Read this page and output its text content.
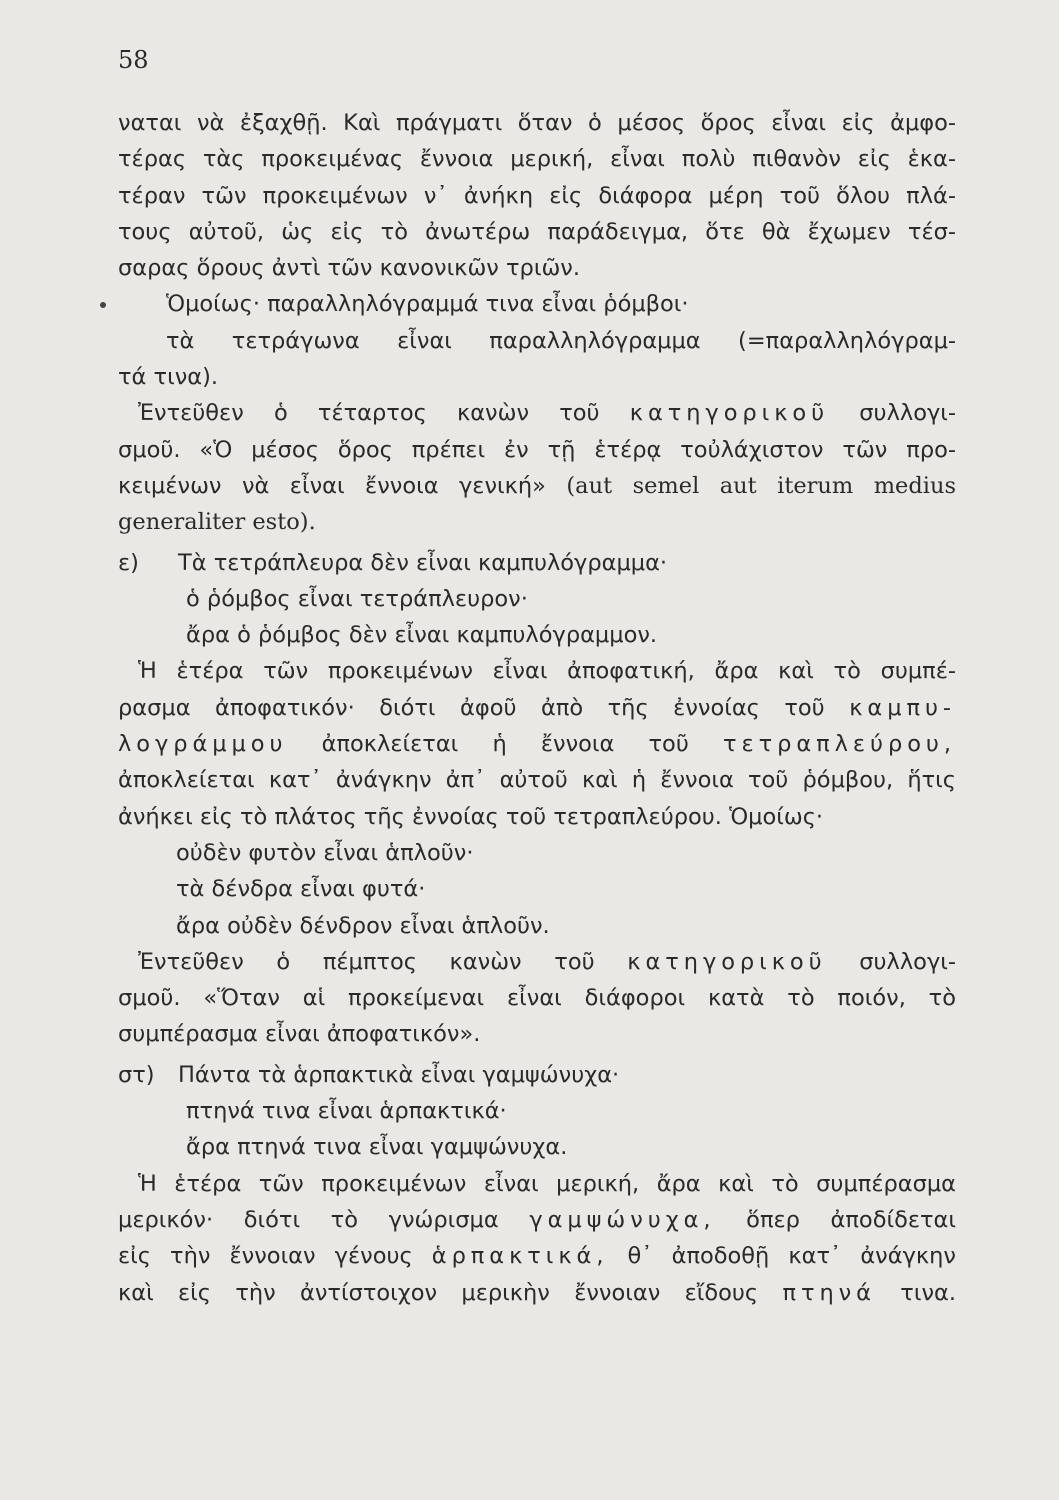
58
ναται νὰ ἐξαχθῇ. Καὶ πράγματι ὅταν ὁ μέσος ὅρος εἶναι εἰς ἀμφο-
τέρας τὰς προκειμένας ἔννοια μερική, εἶναι πολὺ πιθανὸν εἰς ἑκα-
τέραν τῶν προκειμένων ν᾽ ἀνήκη εἰς διάφορα μέρη τοῦ ὅλου πλά-
τους αὐτοῦ, ὡς εἰς τὸ ἀνωτέρω παράδειγμα, ὅτε θὰ ἔχωμεν τέσ-
σαρας ὅρους ἀντὶ τῶν κανονικῶν τριῶν.
Ὁμοίως· παραλληλόγραμμά τινα εἶναι ῥόμβοι·
τὰ τετράγωνα εἶναι παραλληλόγραμμα (=παραλληλόγραμ-
τά τινα).
Ἐντεῦθεν ὁ τέταρτος κανὼν τοῦ κατηγορικοῦ συλλογι-
σμοῦ. «Ὁ μέσος ὅρος πρέπει ἐν τῇ ἑτέρᾳ τοὐλάχιστον τῶν προ-
κειμένων νὰ εἶναι ἔννοια γενική» (aut semel aut iterum medius
generaliter esto).
ε) Τὰ τετράπλευρα δὲν εἶναι καμπυλόγραμμα·
ὁ ῥόμβος εἶναι τετράπλευρον·
ἄρα ὁ ῥόμβος δὲν εἶναι καμπυλόγραμμον.
Ἡ ἑτέρα τῶν προκειμένων εἶναι ἀποφατική, ἄρα καὶ τὸ συμπέ-
ρασμα ἀποφατικόν· διότι ἀφοῦ ἀπὸ τῆς ἐννοίας τοῦ καμπυ-
λογράμμου ἀποκλείεται ἡ ἔννοια τοῦ τετραπλεύρου,
ἀποκλείεται κατ᾽ ἀνάγκην ἀπ᾽ αὐτοῦ καὶ ἡ ἔννοια τοῦ ῥόμβου, ἥτις
ἀνήκει εἰς τὸ πλάτος τῆς ἐννοίας τοῦ τετραπλεύρου. Ὁμοίως·
οὐδὲν φυτὸν εἶναι ἁπλοῦν·
τὰ δένδρα εἶναι φυτά·
ἄρα οὐδὲν δένδρον εἶναι ἁπλοῦν.
Ἐντεῦθεν ὁ πέμπτος κανὼν τοῦ κατηγορικοῦ συλλογι-
σμοῦ. «Ὅταν αἱ προκείμεναι εἶναι διάφοροι κατὰ τὸ ποιόν, τὸ
συμπέρασμα εἶναι ἀποφατικόν».
στ) Πάντα τὰ ἁρπακτικὰ εἶναι γαμψώνυχα·
πτηνά τινα εἶναι ἁρπακτικά·
ἄρα πτηνά τινα εἶναι γαμψώνυχα.
Ἡ ἑτέρα τῶν προκειμένων εἶναι μερική, ἄρα καὶ τὸ συμπέρασμα
μερικόν· διότι τὸ γνώρισμα γαμψώνυχα, ὅπερ ἀποδίδεται
εἰς τὴν ἔννοιαν γένους ἁρπακτικά, θ᾽ ἀποδοθῇ κατ᾽ ἀνάγκην
καὶ εἰς τὴν ἀντίστοιχον μερικὴν ἔννοιαν εἴδους πτηνά τινα.
